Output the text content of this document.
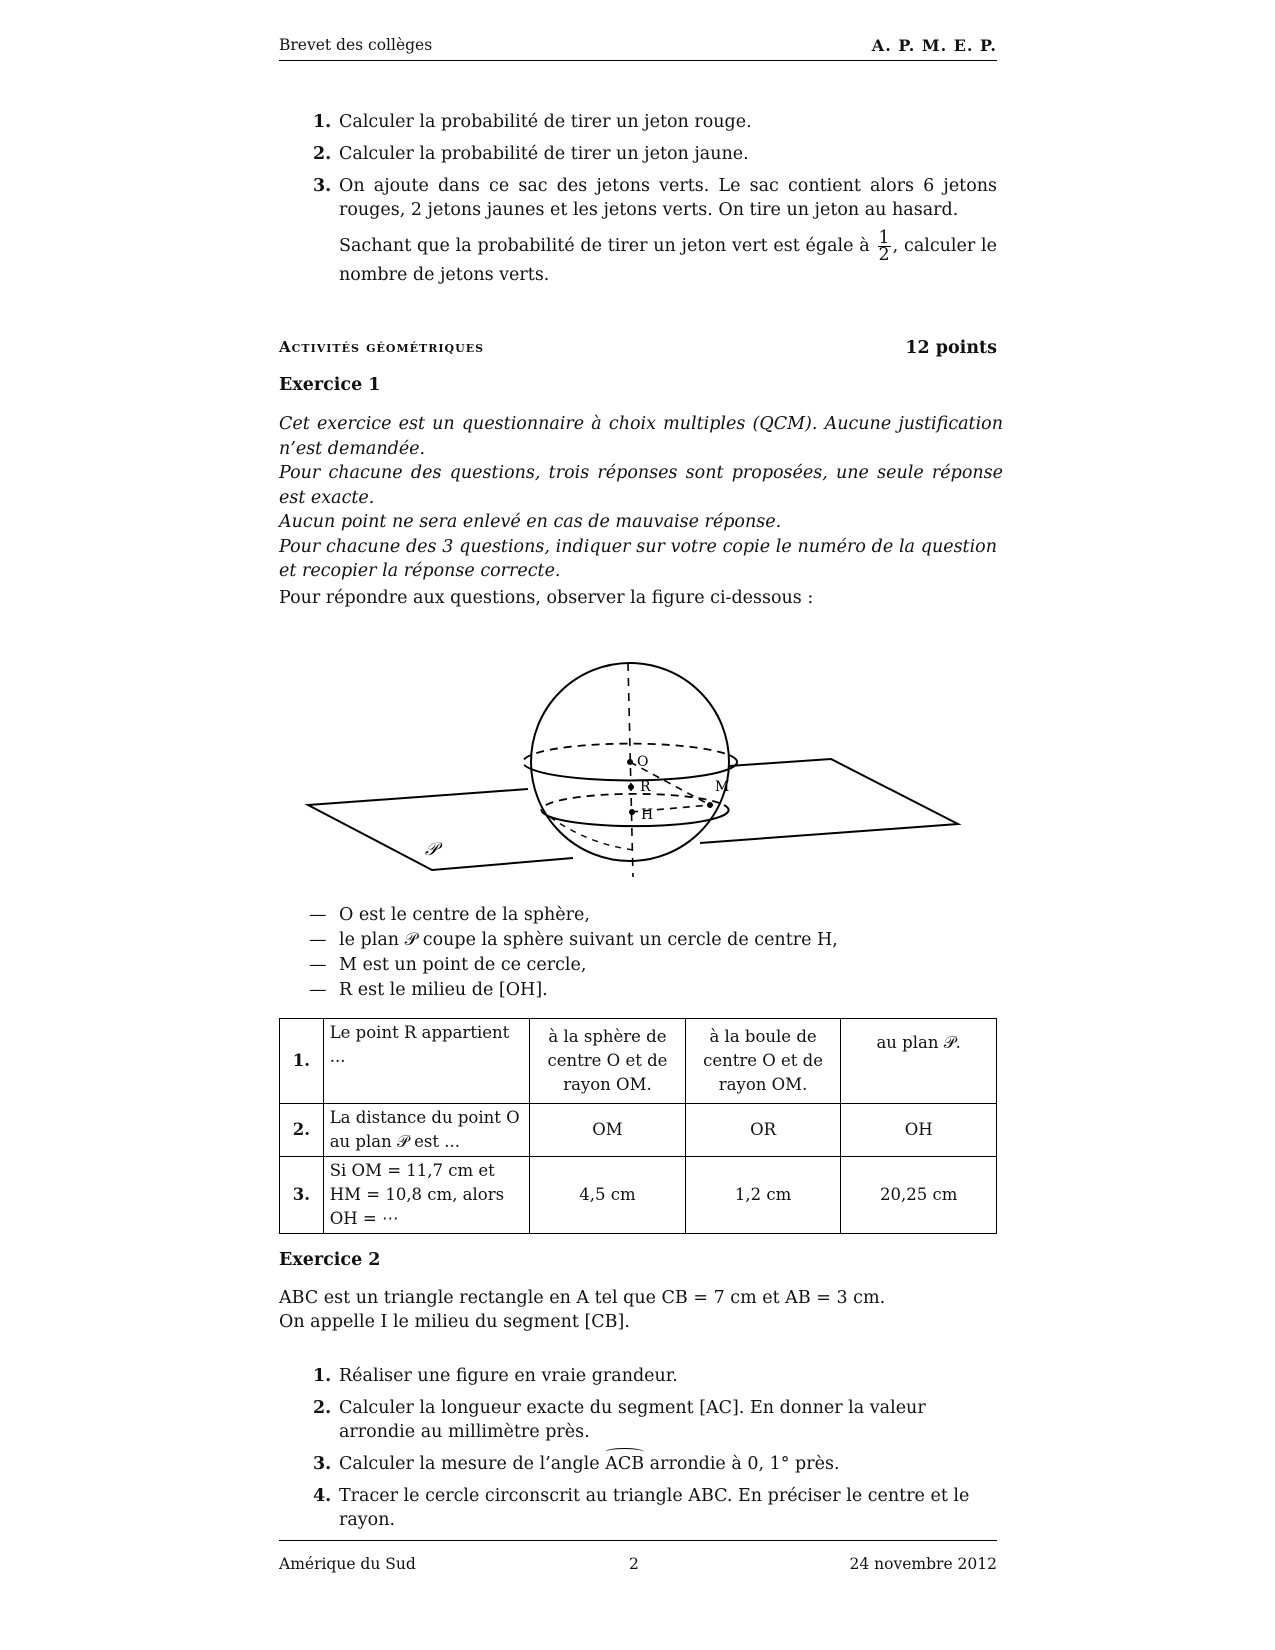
Brevet des collèges	A. P. M. E. P.
1. Calculer la probabilité de tirer un jeton rouge.
2. Calculer la probabilité de tirer un jeton jaune.
3. On ajoute dans ce sac des jetons verts. Le sac contient alors 6 jetons rouges, 2 jetons jaunes et les jetons verts. On tire un jeton au hasard.
Sachant que la probabilité de tirer un jeton vert est égale à $\frac{1}{2}$ , calculer le nombre de jetons verts.
Activités géométriques	12 points
Exercice 1
Cet exercice est un questionnaire à choix multiples (QCM). Aucune justification n’est demandée.
Pour chacune des questions, trois réponses sont proposées, une seule réponse est exacte.
Aucun point ne sera enlevé en cas de mauvaise réponse.
Pour chacune des 3 questions, indiquer sur votre copie le numéro de la question et recopier la réponse correcte.
Pour répondre aux questions, observer la figure ci-dessous :
O
R
H
M
𝒫
— O est le centre de la sphère,
— le plan 𝒫 coupe la sphère suivant un cercle de centre H,
— M est un point de ce cercle,
— R est le milieu de [OH].
1.	Le point R appartient ...	à la sphère de centre O et de rayon OM.	à la boule de centre O et de rayon OM.	au plan 𝒫.
2.	La distance du point O au plan 𝒫 est ...	OM	OR	OH
3.	Si OM = 11,7 cm et HM = 10,8 cm, alors OH = ⋯	4,5 cm	1,2 cm	20,25 cm
Exercice 2
ABC est un triangle rectangle en A tel que CB = 7 cm et AB = 3 cm.
On appelle I le milieu du segment [CB].
1. Réaliser une figure en vraie grandeur.
2. Calculer la longueur exacte du segment [AC]. En donner la valeur arrondie au millimètre près.
3. Calculer la mesure de l’angle ACB arrondie à 0, 1° près.
4. Tracer le cercle circonscrit au triangle ABC. En préciser le centre et le rayon.
Amérique du Sud	2	24 novembre 2012
